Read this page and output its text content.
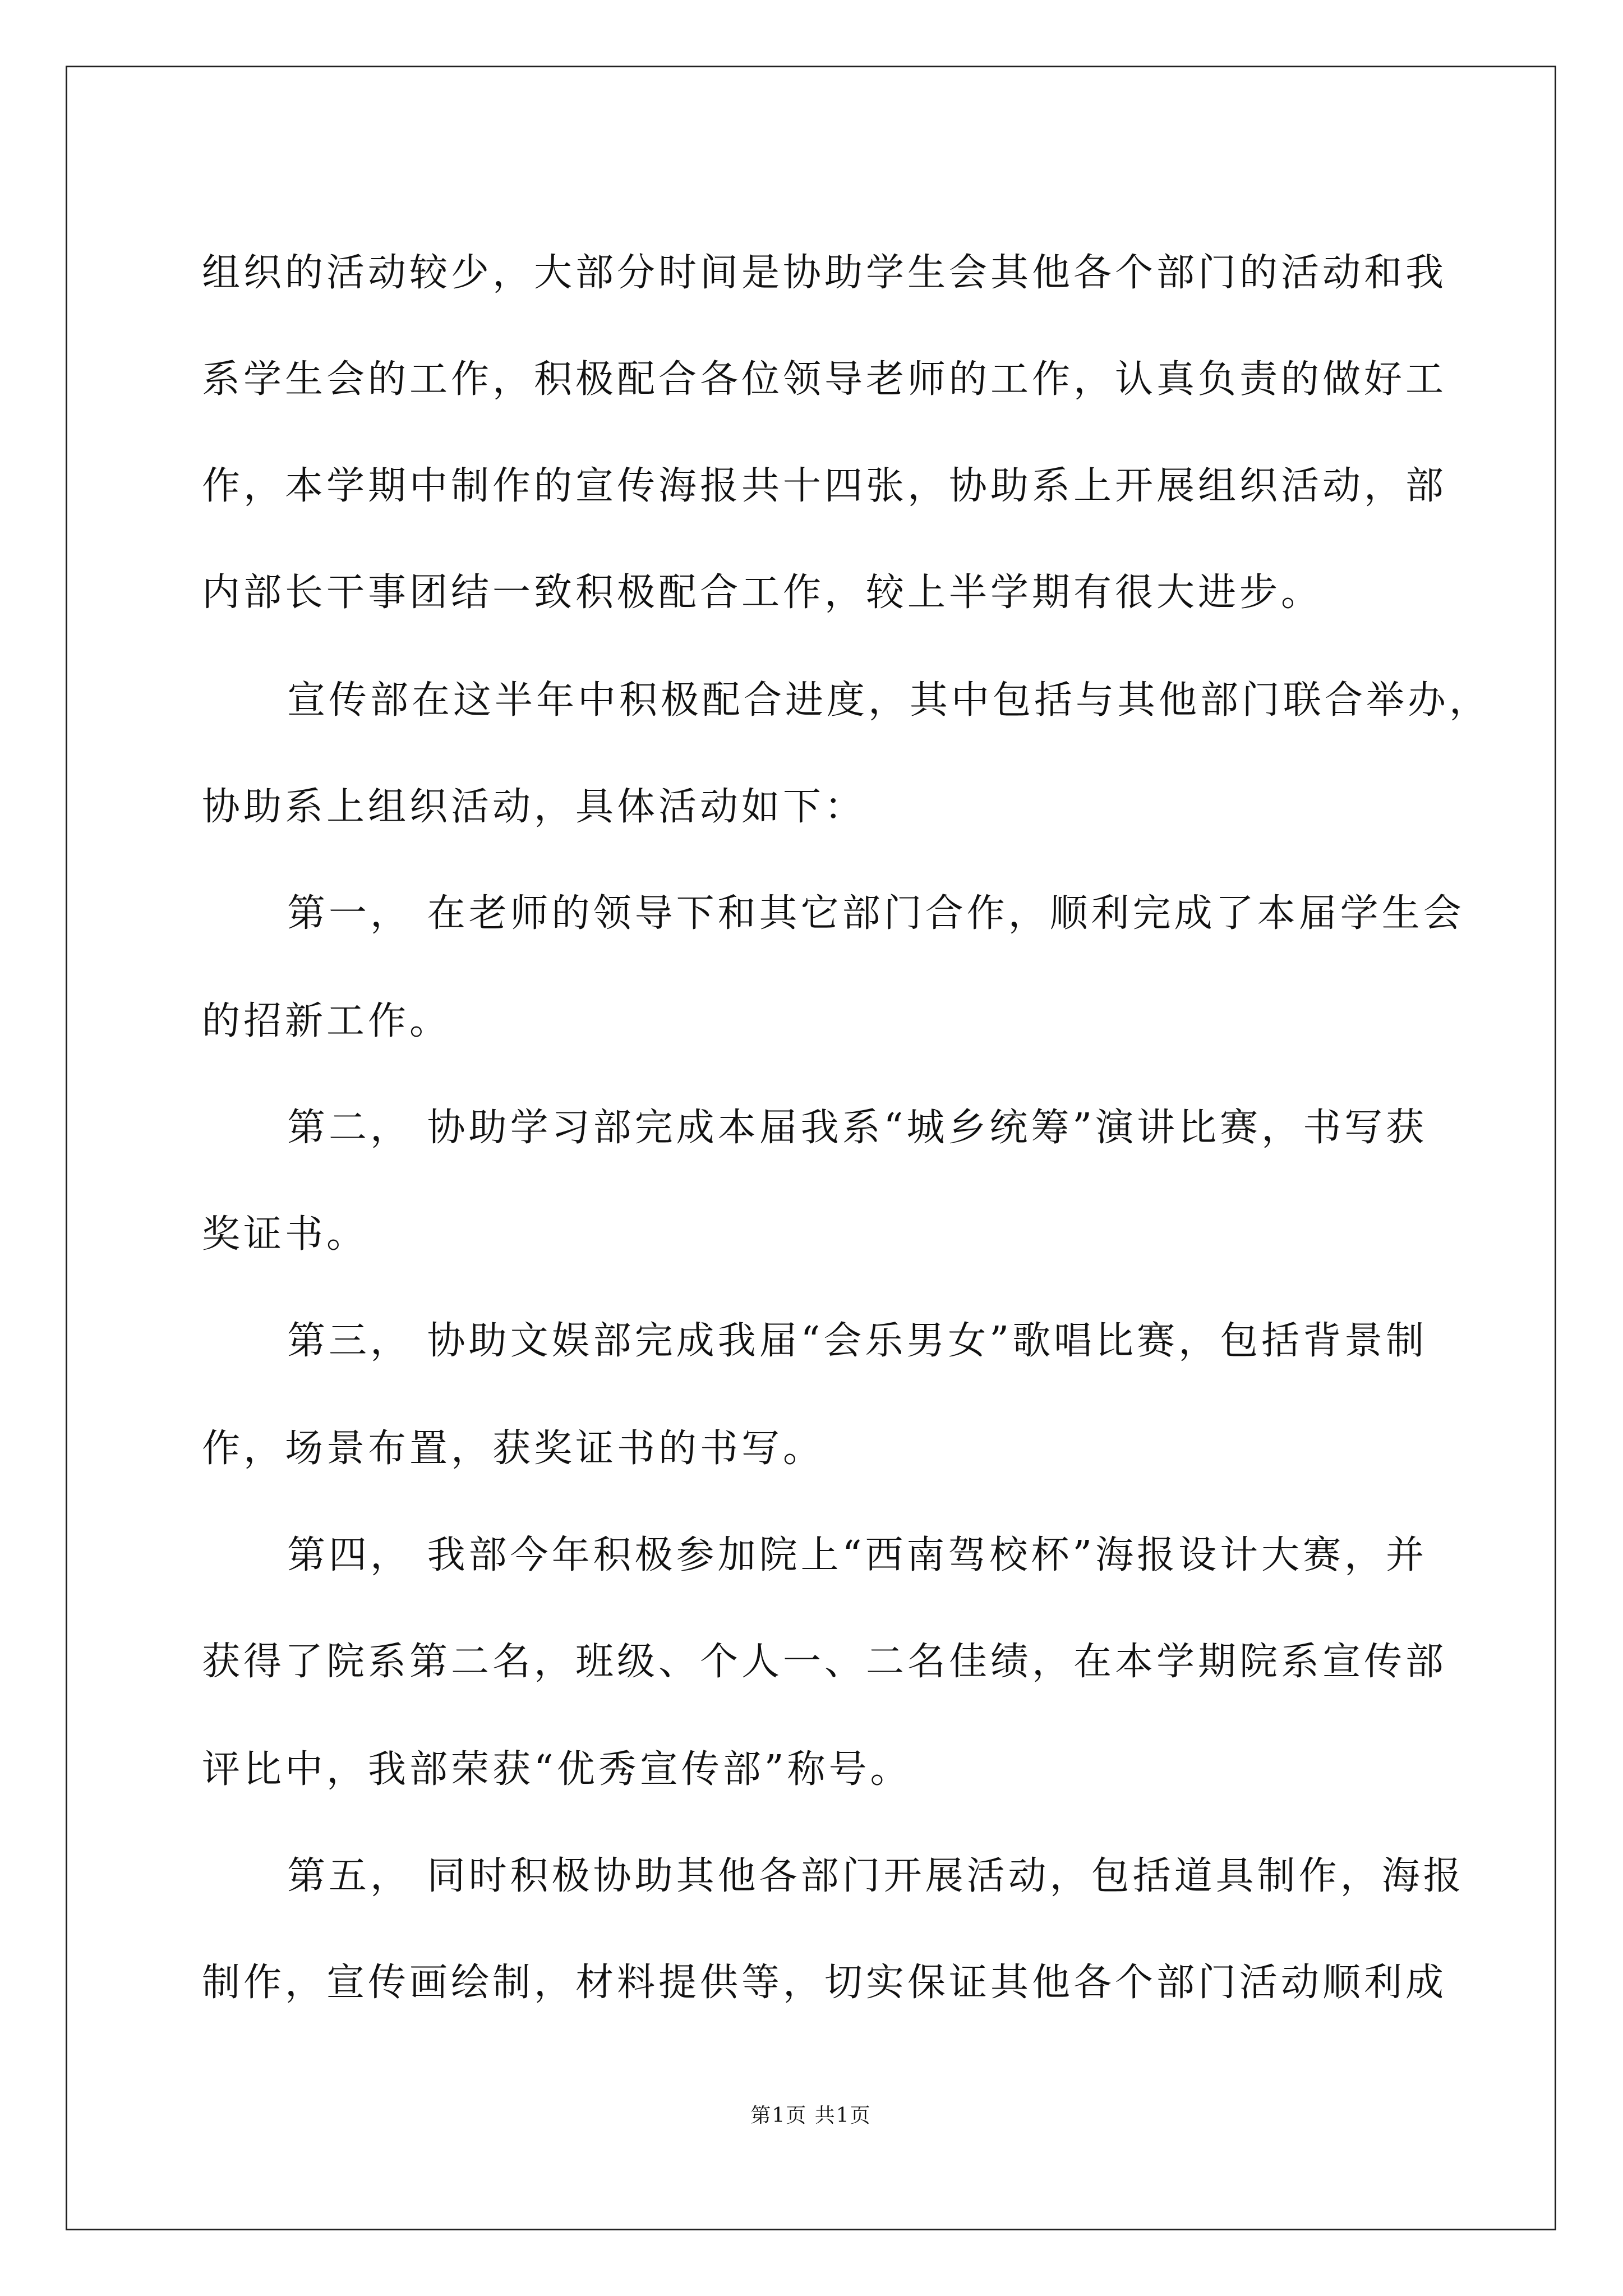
组织的活动较少，大部分时间是协助学生会其他各个部门的活动和我
系学生会的工作，积极配合各位领导老师的工作，认真负责的做好工
作，本学期中制作的宣传海报共十四张，协助系上开展组织活动，部
内部长干事团结一致积极配合工作，较上半学期有很大进步。
宣传部在这半年中积极配合进度，其中包括与其他部门联合举办，
协助系上组织活动，具体活动如下：
第一， 在老师的领导下和其它部门合作，顺利完成了本届学生会
的招新工作。
第二， 协助学习部完成本届我系“城乡统筹”演讲比赛，书写获
奖证书。
第三， 协助文娱部完成我届“会乐男女”歌唱比赛，包括背景制
作，场景布置，获奖证书的书写。
第四， 我部今年积极参加院上“西南驾校杯”海报设计大赛，并
获得了院系第二名，班级、个人一、二名佳绩，在本学期院系宣传部
评比中，我部荣获“优秀宣传部”称号。
第五， 同时积极协助其他各部门开展活动，包括道具制作，海报
制作，宣传画绘制，材料提供等，切实保证其他各个部门活动顺利成
第1页 共1页
